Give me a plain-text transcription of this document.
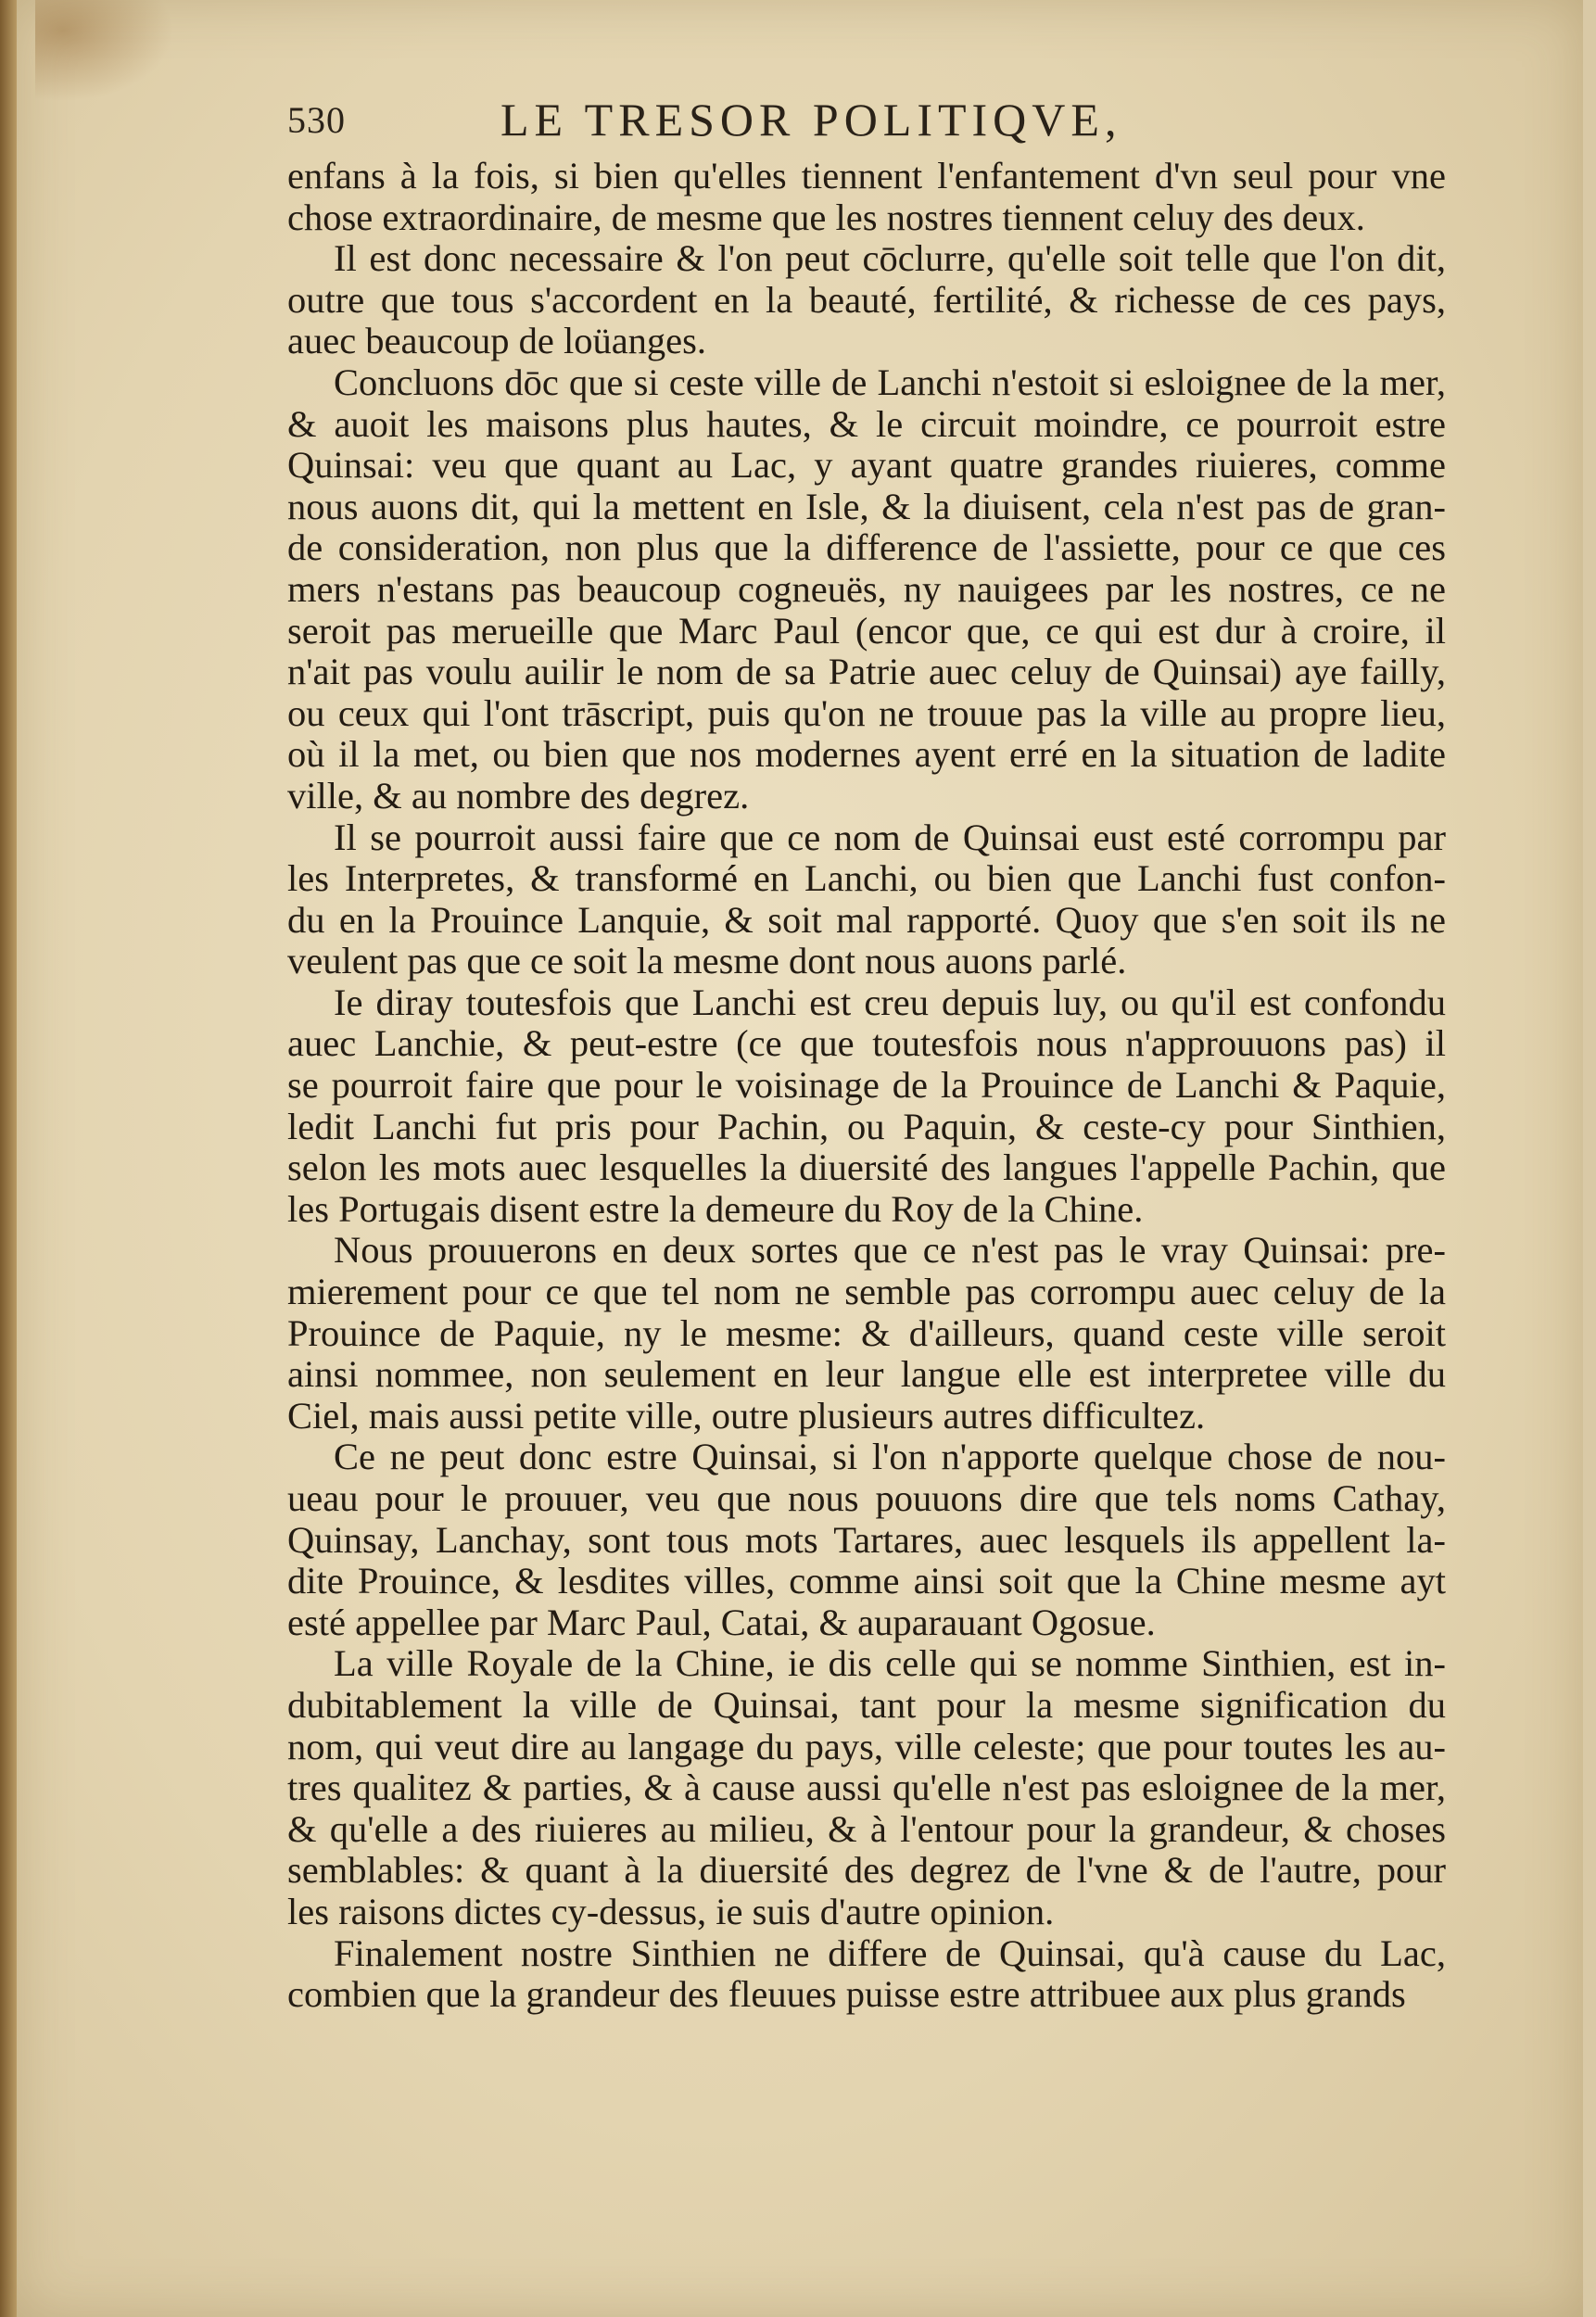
530	LE TRESOR POLITIQVE,
enfans à la fois, si bien qu'elles tiennent l'enfantement d'vn seul pour vne
chose extraordinaire, de mesme que les nostres tiennent celuy des deux.
Il est donc necessaire & l'on peut cōclurre, qu'elle soit telle que l'on dit,
outre que tous s'accordent en la beauté, fertilité, & richesse de ces pays,
auec beaucoup de loüanges.
Concluons dōc que si ceste ville de Lanchi n'estoit si esloignee de la mer,
& auoit les maisons plus hautes, & le circuit moindre, ce pourroit estre
Quinsai: veu que quant au Lac, y ayant quatre grandes riuieres, comme
nous auons dit, qui la mettent en Isle, & la diuisent, cela n'est pas de gran-
de consideration, non plus que la difference de l'assiette, pour ce que ces
mers n'estans pas beaucoup cogneuës, ny nauigees par les nostres, ce ne
seroit pas merueille que Marc Paul (encor que, ce qui est dur à croire, il
n'ait pas voulu auilir le nom de sa Patrie auec celuy de Quinsai) aye failly,
ou ceux qui l'ont trāscript, puis qu'on ne trouue pas la ville au propre lieu,
où il la met, ou bien que nos modernes ayent erré en la situation de ladite
ville, & au nombre des degrez.
Il se pourroit aussi faire que ce nom de Quinsai eust esté corrompu par
les Interpretes, & transformé en Lanchi, ou bien que Lanchi fust confon-
du en la Prouince Lanquie, & soit mal rapporté. Quoy que s'en soit ils ne
veulent pas que ce soit la mesme dont nous auons parlé.
Ie diray toutesfois que Lanchi est creu depuis luy, ou qu'il est confondu
auec Lanchie, & peut-estre (ce que toutesfois nous n'approuuons pas) il
se pourroit faire que pour le voisinage de la Prouince de Lanchi & Paquie,
ledit Lanchi fut pris pour Pachin, ou Paquin, & ceste-cy pour Sinthien,
selon les mots auec lesquelles la diuersité des langues l'appelle Pachin, que
les Portugais disent estre la demeure du Roy de la Chine.
Nous prouuerons en deux sortes que ce n'est pas le vray Quinsai: pre-
mierement pour ce que tel nom ne semble pas corrompu auec celuy de la
Prouince de Paquie, ny le mesme: & d'ailleurs, quand ceste ville seroit
ainsi nommee, non seulement en leur langue elle est interpretee ville du
Ciel, mais aussi petite ville, outre plusieurs autres difficultez.
Ce ne peut donc estre Quinsai, si l'on n'apporte quelque chose de nou-
ueau pour le prouuer, veu que nous pouuons dire que tels noms Cathay,
Quinsay, Lanchay, sont tous mots Tartares, auec lesquels ils appellent la-
dite Prouince, & lesdites villes, comme ainsi soit que la Chine mesme ayt
esté appellee par Marc Paul, Catai, & auparauant Ogosue.
La ville Royale de la Chine, ie dis celle qui se nomme Sinthien, est in-
dubitablement la ville de Quinsai, tant pour la mesme signification du
nom, qui veut dire au langage du pays, ville celeste; que pour toutes les au-
tres qualitez & parties, & à cause aussi qu'elle n'est pas esloignee de la mer,
& qu'elle a des riuieres au milieu, & à l'entour pour la grandeur, & choses
semblables: & quant à la diuersité des degrez de l'vne & de l'autre, pour
les raisons dictes cy-dessus, ie suis d'autre opinion.
Finalement nostre Sinthien ne differe de Quinsai, qu'à cause du Lac,
combien que la grandeur des fleuues puisse estre attribuee aux plus grands
